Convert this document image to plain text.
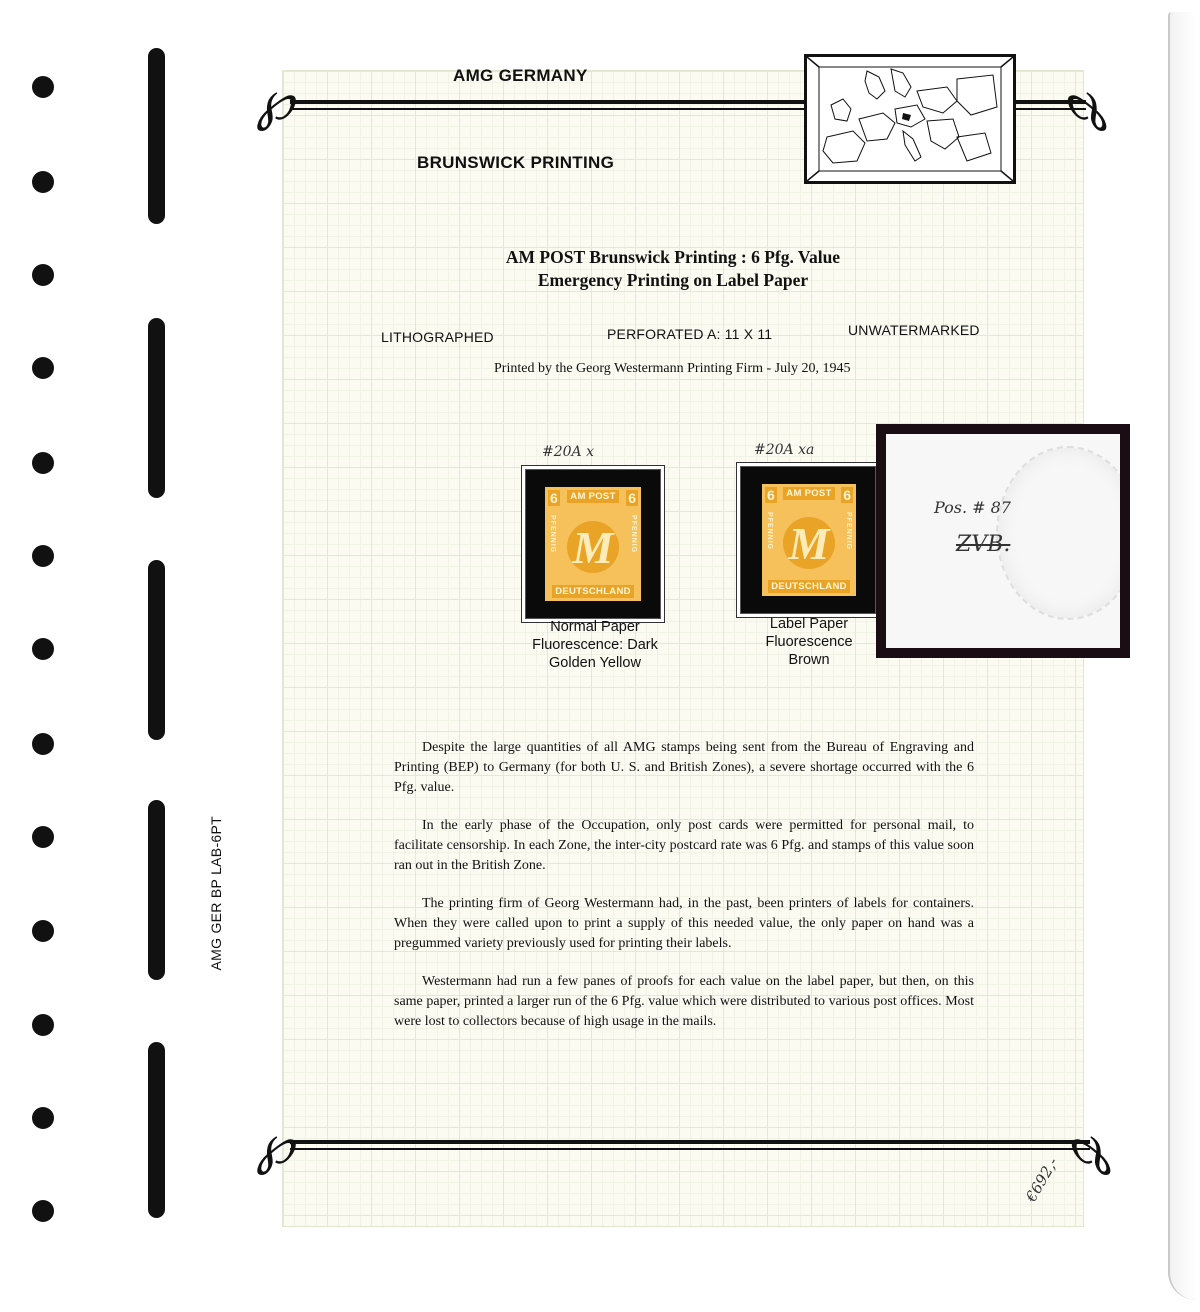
AMG GER BP LAB-6PT
℘	℘
℘	℘
AMG GERMANY
BRUNSWICK PRINTING
AM POST Brunswick Printing : 6 Pfg. Value
Emergency Printing on Label Paper
LITHOGRAPHED	PERFORATED A: 11 X 11	UNWATERMARKED
Printed by the Georg Westermann Printing Firm - July 20, 1945
#20A x
AM POST
6	6
PFENNIG	PFENNIG
M
DEUTSCHLAND
Normal Paper
Fluorescence: Dark
Golden Yellow
#20A xa
AM POST
6	6
PFENNIG	PFENNIG
M
DEUTSCHLAND
Label Paper
Fluorescence
Brown
Pos. # 87
ZVB.

Despite the large quantities of all AMG stamps being sent from the Bureau of Engraving and Printing (BEP) to Germany (for both U. S. and British Zones), a severe shortage occurred with the 6 Pfg. value.

In the early phase of the Occupation, only post cards were permitted for personal mail, to facilitate censorship. In each Zone, the inter-city postcard rate was 6 Pfg. and stamps of this value soon ran out in the British Zone.

The printing firm of Georg Westermann had, in the past, been printers of labels for containers. When they were called upon to print a supply of this needed value, the only paper on hand was a pregummed variety previously used for printing their labels.

Westermann had run a few panes of proofs for each value on the label paper, but then, on this same paper, printed a larger run of the 6 Pfg. value which were distributed to various post offices. Most were lost to collectors because of high usage in the mails.

€692,-
